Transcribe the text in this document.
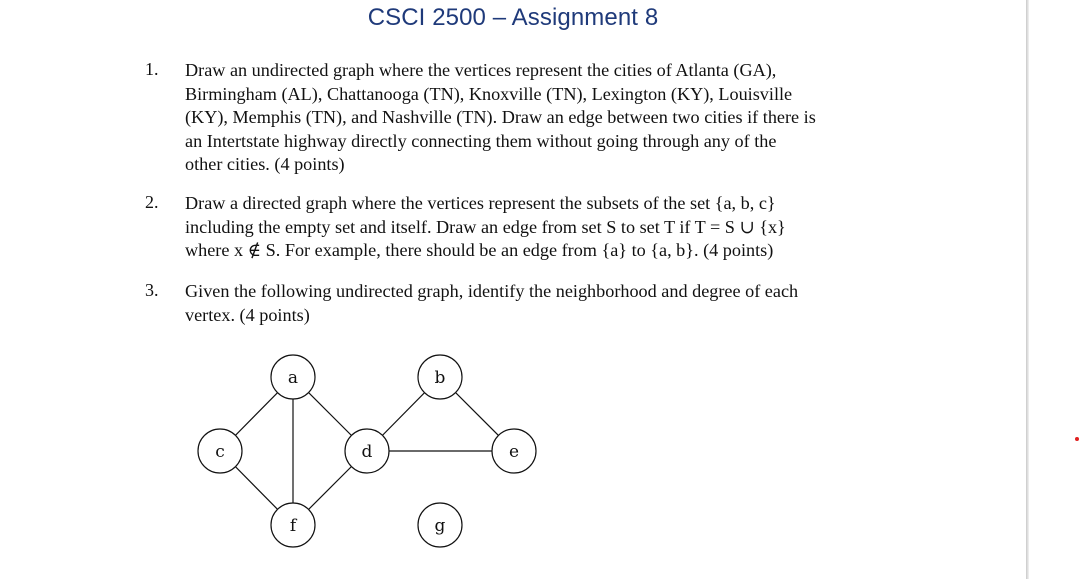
CSCI 2500 – Assignment 8
1. Draw an undirected graph where the vertices represent the cities of Atlanta (GA),
Birmingham (AL), Chattanooga (TN), Knoxville (TN), Lexington (KY), Louisville
(KY), Memphis (TN), and Nashville (TN). Draw an edge between two cities if there is
an Intertstate highway directly connecting them without going through any of the
other cities. (4 points)
2. Draw a directed graph where the vertices represent the subsets of the set {a, b, c}
including the empty set and itself. Draw an edge from set S to set T if T = S ∪ {x}
where x ∉ S. For example, there should be an edge from {a} to {a, b}. (4 points)
3. Given the following undirected graph, identify the neighborhood and degree of each
vertex. (4 points)
a	b
c	d	e
f	g
